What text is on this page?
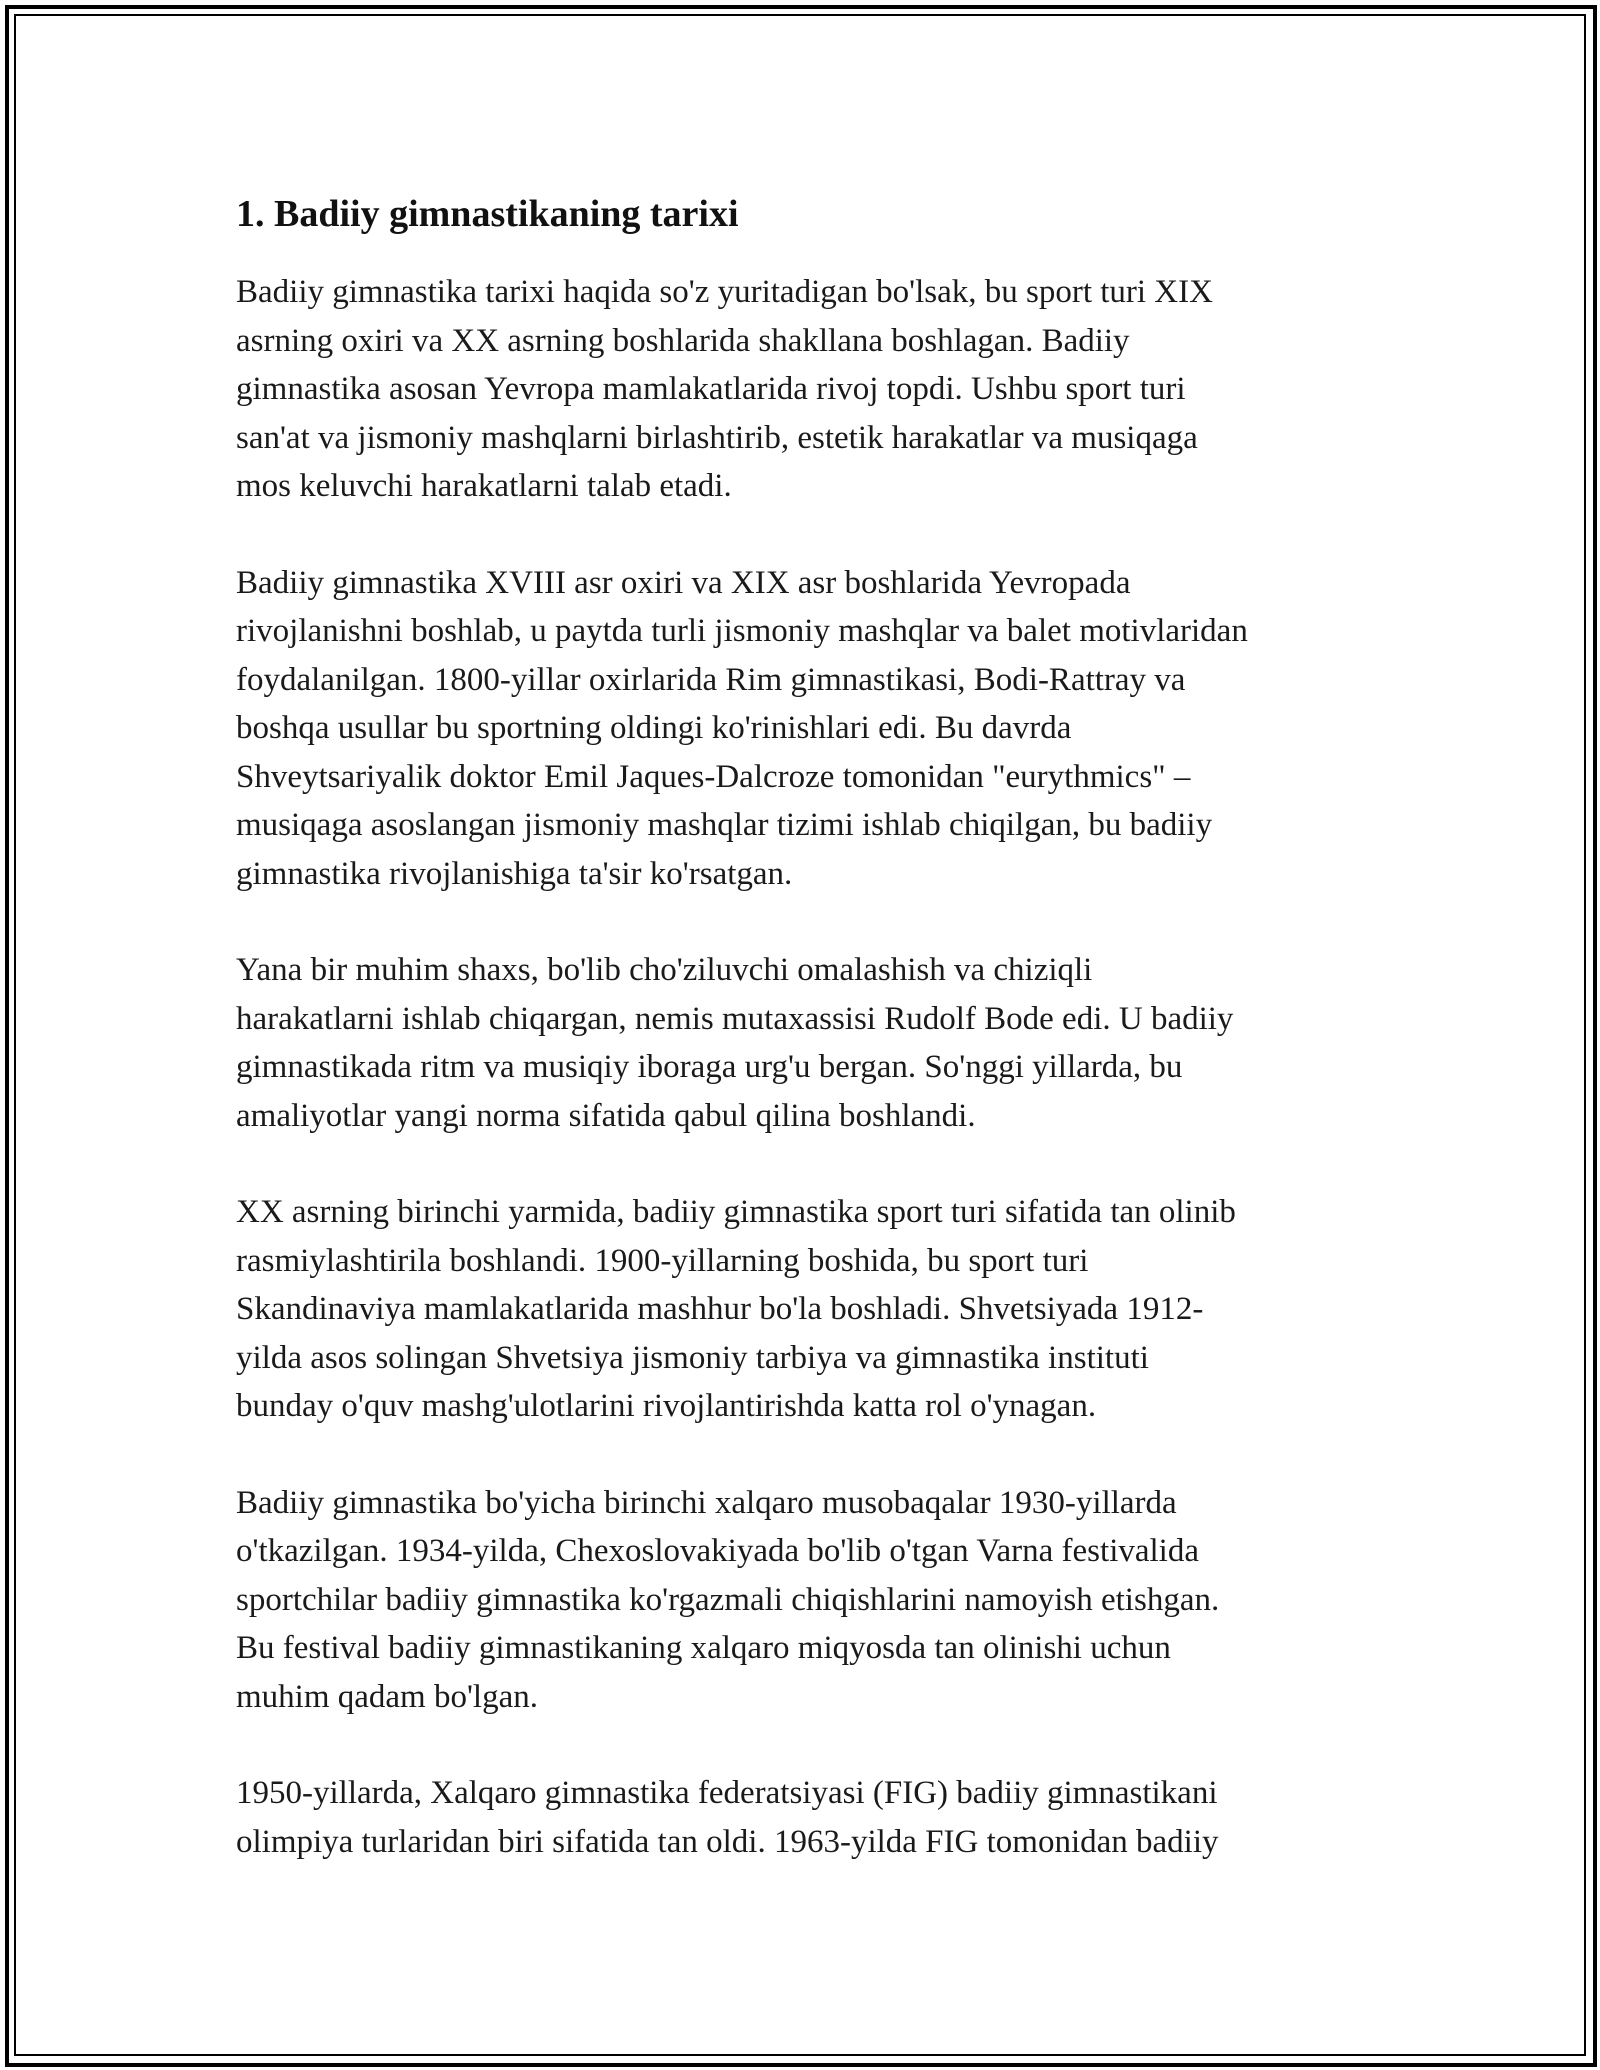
1. Badiiy gimnastikaning tarixi

Badiiy gimnastika tarixi haqida so'z yuritadigan bo'lsak, bu sport turi XIX
asrning oxiri va XX asrning boshlarida shakllana boshlagan. Badiiy
gimnastika asosan Yevropa mamlakatlarida rivoj topdi. Ushbu sport turi
san'at va jismoniy mashqlarni birlashtirib, estetik harakatlar va musiqaga
mos keluvchi harakatlarni talab etadi.

Badiiy gimnastika XVIII asr oxiri va XIX asr boshlarida Yevropada
rivojlanishni boshlab, u paytda turli jismoniy mashqlar va balet motivlaridan
foydalanilgan. 1800-yillar oxirlarida Rim gimnastikasi, Bodi-Rattray va
boshqa usullar bu sportning oldingi ko'rinishlari edi. Bu davrda
Shveytsariyalik doktor Emil Jaques-Dalcroze tomonidan "eurythmics" –
musiqaga asoslangan jismoniy mashqlar tizimi ishlab chiqilgan, bu badiiy
gimnastika rivojlanishiga ta'sir ko'rsatgan.

Yana bir muhim shaxs, bo'lib cho'ziluvchi omalashish va chiziqli
harakatlarni ishlab chiqargan, nemis mutaxassisi Rudolf Bode edi. U badiiy
gimnastikada ritm va musiqiy iboraga urg'u bergan. So'nggi yillarda, bu
amaliyotlar yangi norma sifatida qabul qilina boshlandi.

XX asrning birinchi yarmida, badiiy gimnastika sport turi sifatida tan olinib
rasmiylashtirila boshlandi. 1900-yillarning boshida, bu sport turi
Skandinaviya mamlakatlarida mashhur bo'la boshladi. Shvetsiyada 1912-
yilda asos solingan Shvetsiya jismoniy tarbiya va gimnastika instituti
bunday o'quv mashg'ulotlarini rivojlantirishda katta rol o'ynagan.

Badiiy gimnastika bo'yicha birinchi xalqaro musobaqalar 1930-yillarda
o'tkazilgan. 1934-yilda, Chexoslovakiyada bo'lib o'tgan Varna festivalida
sportchilar badiiy gimnastika ko'rgazmali chiqishlarini namoyish etishgan.
Bu festival badiiy gimnastikaning xalqaro miqyosda tan olinishi uchun
muhim qadam bo'lgan.

1950-yillarda, Xalqaro gimnastika federatsiyasi (FIG) badiiy gimnastikani
olimpiya turlaridan biri sifatida tan oldi. 1963-yilda FIG tomonidan badiiy
